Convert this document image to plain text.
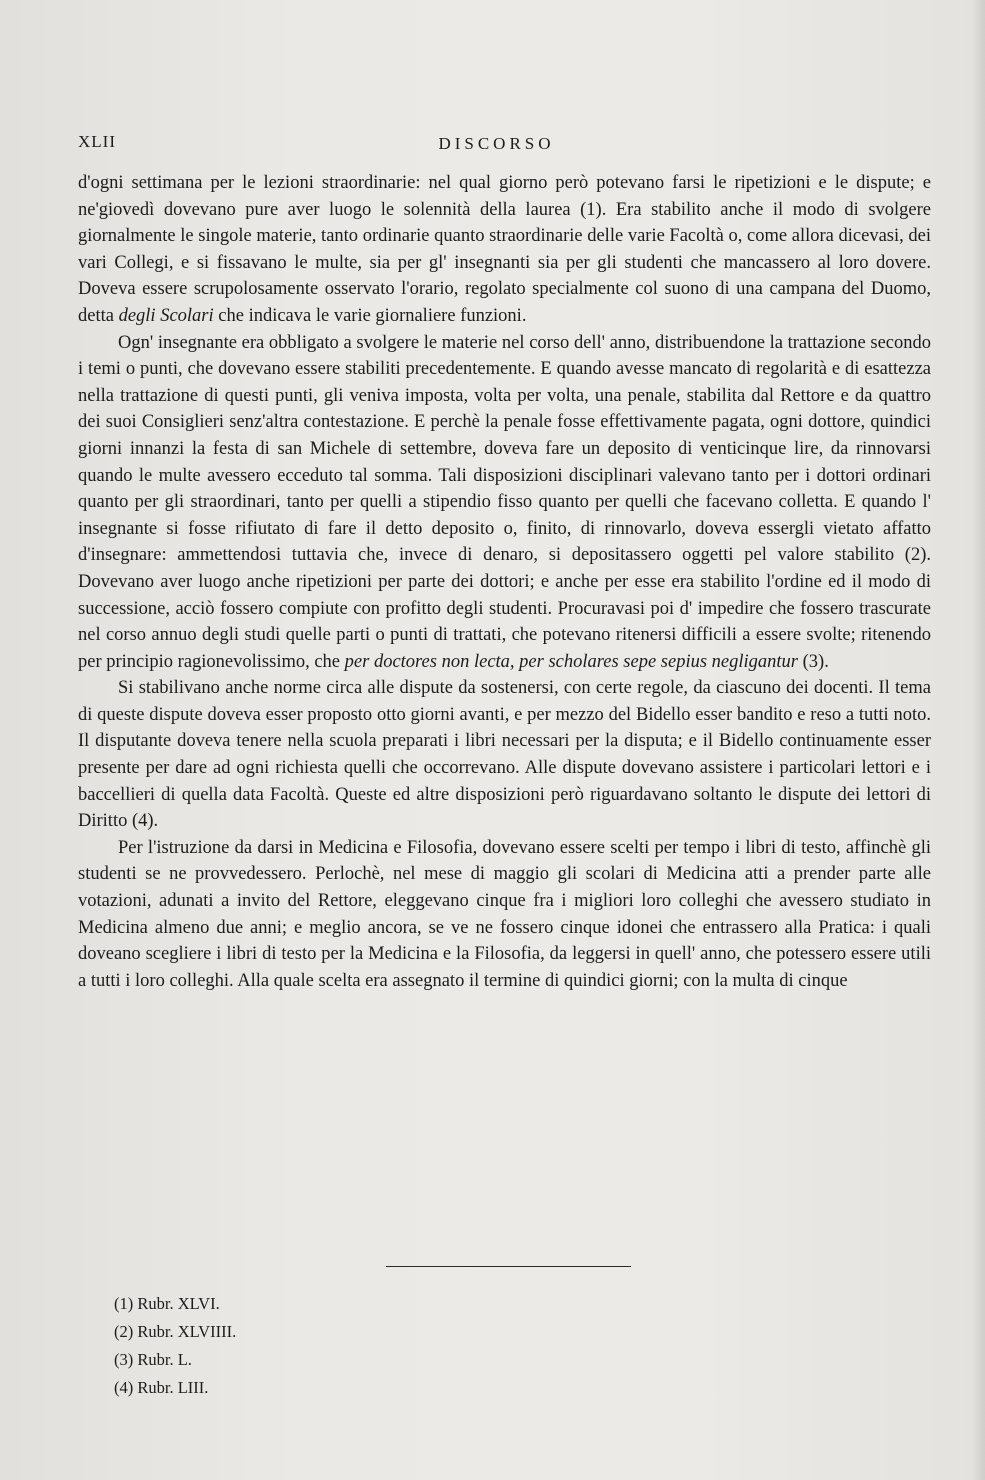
XLII	DISCORSO

d'ogni settimana per le lezioni straordinarie: nel qual giorno però potevano farsi le ripetizioni e le dispute; e ne'giovedì dovevano pure aver luogo le solennità della laurea (1). Era stabilito anche il modo di svolgere giornalmente le singole materie, tanto ordinarie quanto straordinarie delle varie Facoltà o, come allora dicevasi, dei vari Collegi, e si fissavano le multe, sia per gl' insegnanti sia per gli studenti che mancassero al loro dovere. Doveva essere scrupolosamente osservato l'orario, regolato specialmente col suono di una campana del Duomo, detta degli Scolari che indicava le varie giornaliere funzioni.

Ogn' insegnante era obbligato a svolgere le materie nel corso dell' anno, distribuendone la trattazione secondo i temi o punti, che dovevano essere stabiliti precedentemente. E quando avesse mancato di regolarità e di esattezza nella trattazione di questi punti, gli veniva imposta, volta per volta, una penale, stabilita dal Rettore e da quattro dei suoi Consiglieri senz'altra contestazione. E perchè la penale fosse effettivamente pagata, ogni dottore, quindici giorni innanzi la festa di san Michele di settembre, doveva fare un deposito di venticinque lire, da rinnovarsi quando le multe avessero ecceduto tal somma. Tali disposizioni disciplinari valevano tanto per i dottori ordinari quanto per gli straordinari, tanto per quelli a stipendio fisso quanto per quelli che facevano colletta. E quando l' insegnante si fosse rifiutato di fare il detto deposito o, finito, di rinnovarlo, doveva essergli vietato affatto d'insegnare: ammettendosi tuttavia che, invece di denaro, si depositassero oggetti pel valore stabilito (2). Dovevano aver luogo anche ripetizioni per parte dei dottori; e anche per esse era stabilito l'ordine ed il modo di successione, acciò fossero compiute con profitto degli studenti. Procuravasi poi d' impedire che fossero trascurate nel corso annuo degli studi quelle parti o punti di trattati, che potevano ritenersi difficili a essere svolte; ritenendo per principio ragionevolissimo, che per doctores non lecta, per scholares sepe sepius negligantur (3).

Si stabilivano anche norme circa alle dispute da sostenersi, con certe regole, da ciascuno dei docenti. Il tema di queste dispute doveva esser proposto otto giorni avanti, e per mezzo del Bidello esser bandito e reso a tutti noto. Il disputante doveva tenere nella scuola preparati i libri necessari per la disputa; e il Bidello continuamente esser presente per dare ad ogni richiesta quelli che occorrevano. Alle dispute dovevano assistere i particolari lettori e i baccellieri di quella data Facoltà. Queste ed altre disposizioni però riguardavano soltanto le dispute dei lettori di Diritto (4).

Per l'istruzione da darsi in Medicina e Filosofia, dovevano essere scelti per tempo i libri di testo, affinchè gli studenti se ne provvedessero. Perlochè, nel mese di maggio gli scolari di Medicina atti a prender parte alle votazioni, adunati a invito del Rettore, eleggevano cinque fra i migliori loro colleghi che avessero studiato in Medicina almeno due anni; e meglio ancora, se ve ne fossero cinque idonei che entrassero alla Pratica: i quali doveano scegliere i libri di testo per la Medicina e la Filosofia, da leggersi in quell' anno, che potessero essere utili a tutti i loro colleghi. Alla quale scelta era assegnato il termine di quindici giorni; con la multa di cinque

(1) Rubr. XLVI.
(2) Rubr. XLVIIII.
(3) Rubr. L.
(4) Rubr. LIII.
